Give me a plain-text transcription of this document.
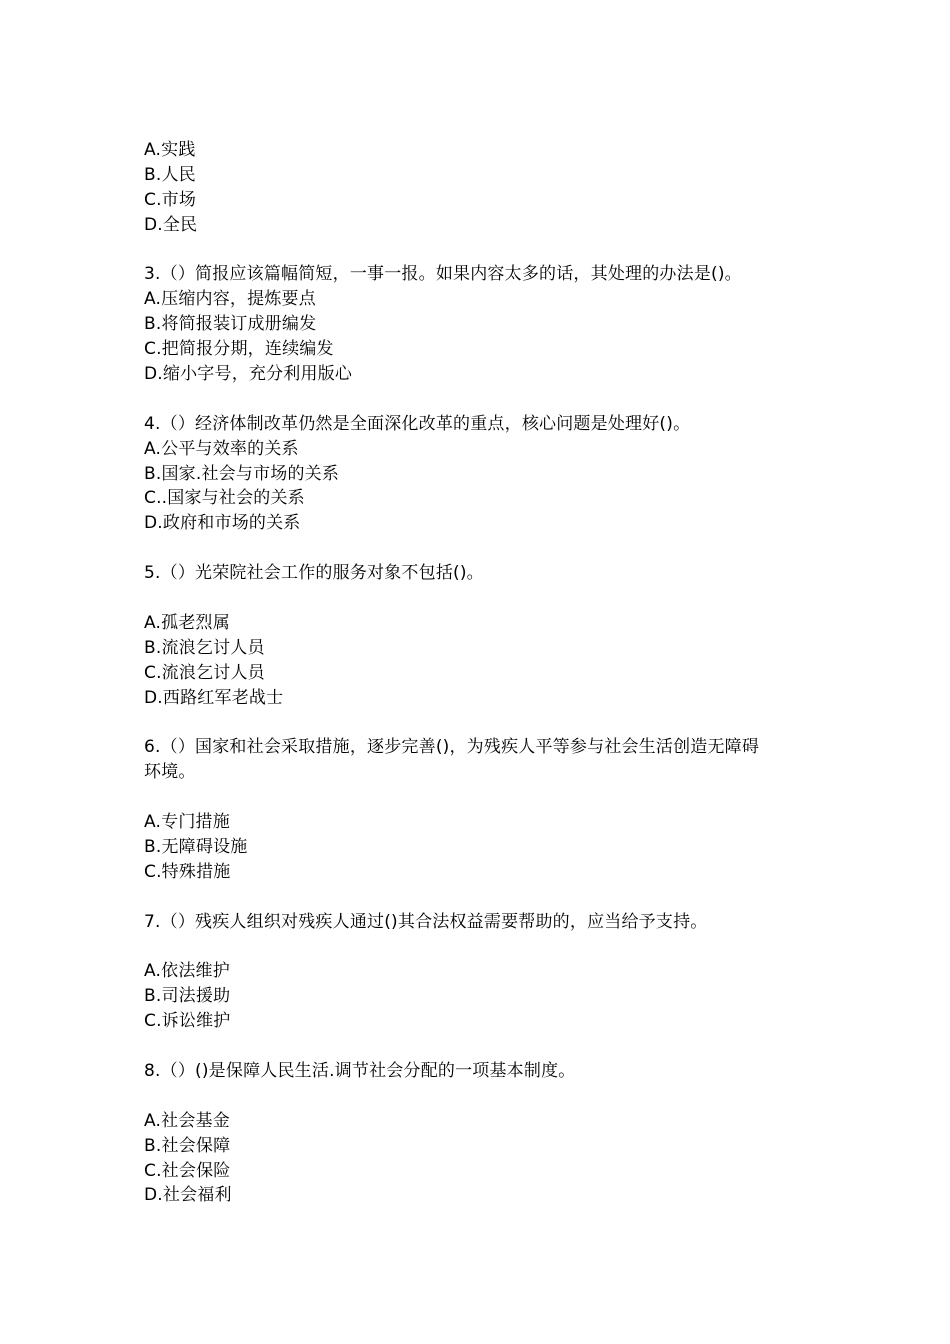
A.实践
B.人民
C.市场
D.全民
3.（）简报应该篇幅简短，一事一报。如果内容太多的话，其处理的办法是()。
A.压缩内容，提炼要点
B.将简报装订成册编发
C.把简报分期，连续编发
D.缩小字号，充分利用版心
4.（）经济体制改革仍然是全面深化改革的重点，核心问题是处理好()。
A.公平与效率的关系
B.国家.社会与市场的关系
C..国家与社会的关系
D.政府和市场的关系
5.（）光荣院社会工作的服务对象不包括()。
A.孤老烈属
B.流浪乞讨人员
C.流浪乞讨人员
D.西路红军老战士
6.（）国家和社会采取措施，逐步完善()，为残疾人平等参与社会生活创造无障碍
环境。
A.专门措施
B.无障碍设施
C.特殊措施
7.（）残疾人组织对残疾人通过()其合法权益需要帮助的，应当给予支持。
A.依法维护
B.司法援助
C.诉讼维护
8.（）()是保障人民生活.调节社会分配的一项基本制度。
A.社会基金
B.社会保障
C.社会保险
D.社会福利
